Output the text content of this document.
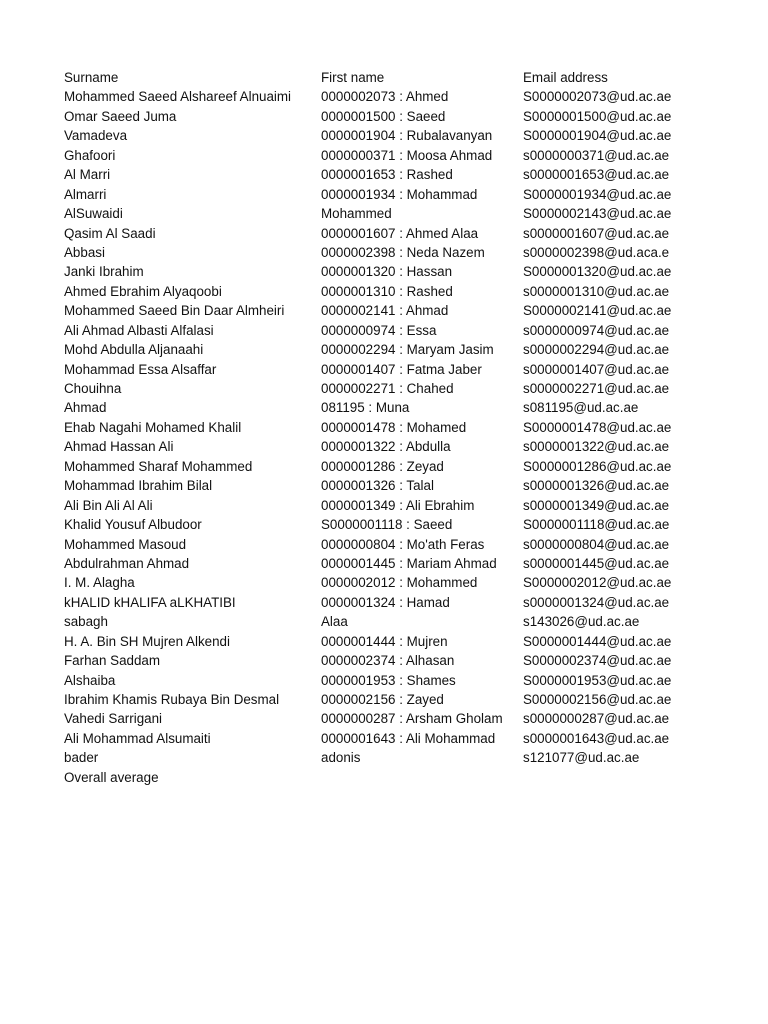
Surname	First name	Email address
Mohammed Saeed Alshareef Alnuaimi	0000002073 : Ahmed	S0000002073@ud.ac.ae
Omar Saeed Juma	0000001500 : Saeed	S0000001500@ud.ac.ae
Vamadeva	0000001904 : Rubalavanyan	S0000001904@ud.ac.ae
Ghafoori	0000000371 : Moosa Ahmad	s0000000371@ud.ac.ae
Al Marri	0000001653 : Rashed	s0000001653@ud.ac.ae
Almarri	0000001934 : Mohammad	S0000001934@ud.ac.ae
AlSuwaidi	Mohammed	S0000002143@ud.ac.ae
Qasim Al Saadi	0000001607 : Ahmed Alaa	s0000001607@ud.ac.ae
Abbasi	0000002398 : Neda Nazem	s0000002398@ud.aca.e
Janki Ibrahim	0000001320 : Hassan	S0000001320@ud.ac.ae
Ahmed Ebrahim Alyaqoobi	0000001310 : Rashed	s0000001310@ud.ac.ae
Mohammed Saeed Bin Daar Almheiri	0000002141 : Ahmad	S0000002141@ud.ac.ae
Ali Ahmad Albasti Alfalasi	0000000974 : Essa	s0000000974@ud.ac.ae
Mohd Abdulla Aljanaahi	0000002294 : Maryam Jasim	s0000002294@ud.ac.ae
Mohammad Essa Alsaffar	0000001407 : Fatma Jaber	s0000001407@ud.ac.ae
Chouihna	0000002271 : Chahed	s0000002271@ud.ac.ae
Ahmad	081195 : Muna	s081195@ud.ac.ae
Ehab Nagahi Mohamed Khalil	0000001478 : Mohamed	S0000001478@ud.ac.ae
Ahmad Hassan Ali	0000001322 : Abdulla	s0000001322@ud.ac.ae
Mohammed Sharaf Mohammed	0000001286 : Zeyad	S0000001286@ud.ac.ae
Mohammad Ibrahim Bilal	0000001326 : Talal	s0000001326@ud.ac.ae
Ali Bin Ali Al Ali	0000001349 : Ali Ebrahim	s0000001349@ud.ac.ae
Khalid Yousuf Albudoor	S0000001118 : Saeed	S0000001118@ud.ac.ae
Mohammed Masoud	0000000804 : Mo'ath Feras	s0000000804@ud.ac.ae
Abdulrahman Ahmad	0000001445 : Mariam Ahmad	s0000001445@ud.ac.ae
I. M. Alagha	0000002012 : Mohammed	S0000002012@ud.ac.ae
kHALID kHALIFA aLKHATIBI	0000001324 : Hamad	s0000001324@ud.ac.ae
sabagh	Alaa	s143026@ud.ac.ae
H. A. Bin SH Mujren Alkendi	0000001444 : Mujren	S0000001444@ud.ac.ae
Farhan Saddam	0000002374 : Alhasan	S0000002374@ud.ac.ae
Alshaiba	0000001953 : Shames	S0000001953@ud.ac.ae
Ibrahim Khamis Rubaya Bin Desmal	0000002156 : Zayed	S0000002156@ud.ac.ae
Vahedi Sarrigani	0000000287 : Arsham Gholam	s0000000287@ud.ac.ae
Ali Mohammad Alsumaiti	0000001643 : Ali Mohammad	s0000001643@ud.ac.ae
bader	adonis	s121077@ud.ac.ae
Overall average
